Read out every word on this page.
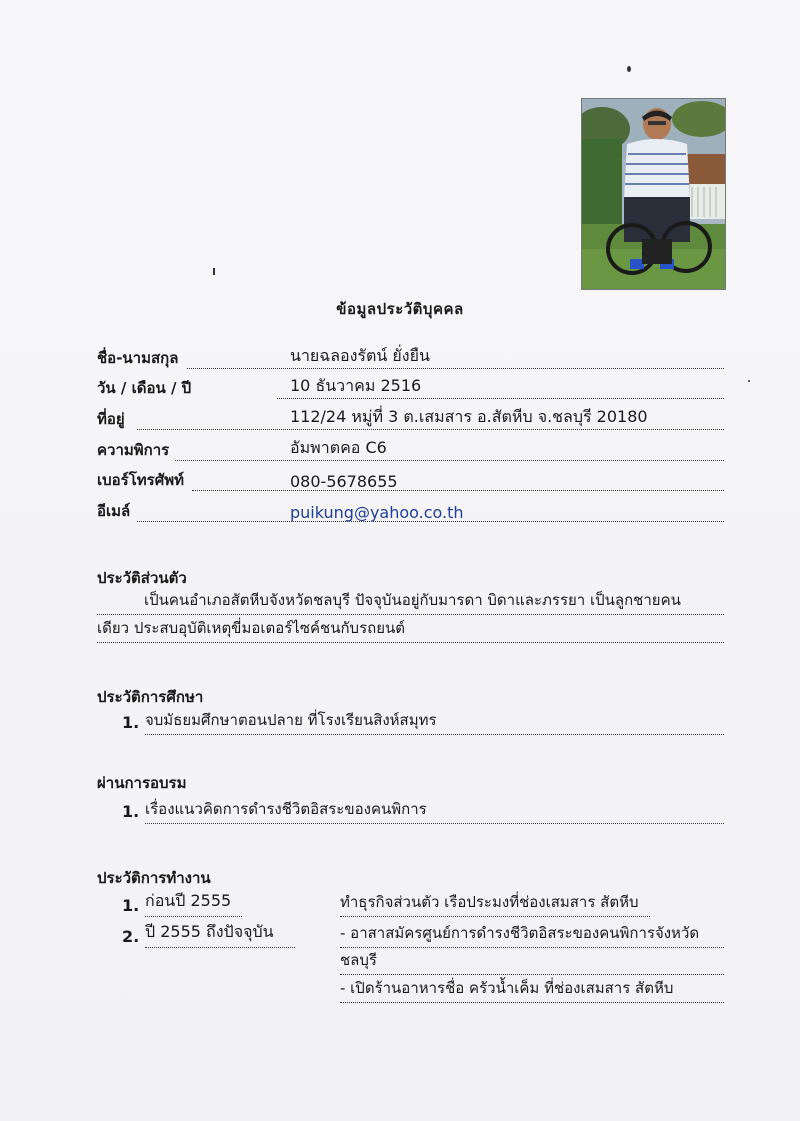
ข้อมูลประวัติบุคคล
ชื่อ-นามสกุล	นายฉลองรัตน์ ยั่งยืน
วัน / เดือน / ปี	10 ธันวาคม 2516
ที่อยู่	112/24 หมู่ที่ 3 ต.เสมสาร อ.สัตหีบ จ.ชลบุรี 20180
ความพิการ	อัมพาตคอ C6
เบอร์โทรศัพท์	080-5678655
อีเมล์	puikung@yahoo.co.th
ประวัติส่วนตัว
เป็นคนอำเภอสัตหีบจังหวัดชลบุรี ปัจจุบันอยู่กับมารดา บิดาและภรรยา เป็นลูกชายคน
เดียว ประสบอุบัติเหตุขี่มอเตอร์ไซค์ชนกับรถยนต์
ประวัติการศึกษา
1. จบมัธยมศึกษาตอนปลาย ที่โรงเรียนสิงห์สมุทร
ผ่านการอบรม
1. เรื่องแนวคิดการดำรงชีวิตอิสระของคนพิการ
ประวัติการทำงาน
1. ก่อนปี 2555	ทำธุรกิจส่วนตัว เรือประมงที่ช่องเสมสาร สัตหีบ
2. ปี 2555 ถึงปัจจุบัน	- อาสาสมัครศูนย์การดำรงชีวิตอิสระของคนพิการจังหวัด
ชลบุรี
- เปิดร้านอาหารชื่อ ครัวน้ำเค็ม ที่ช่องเสมสาร สัตหีบ
